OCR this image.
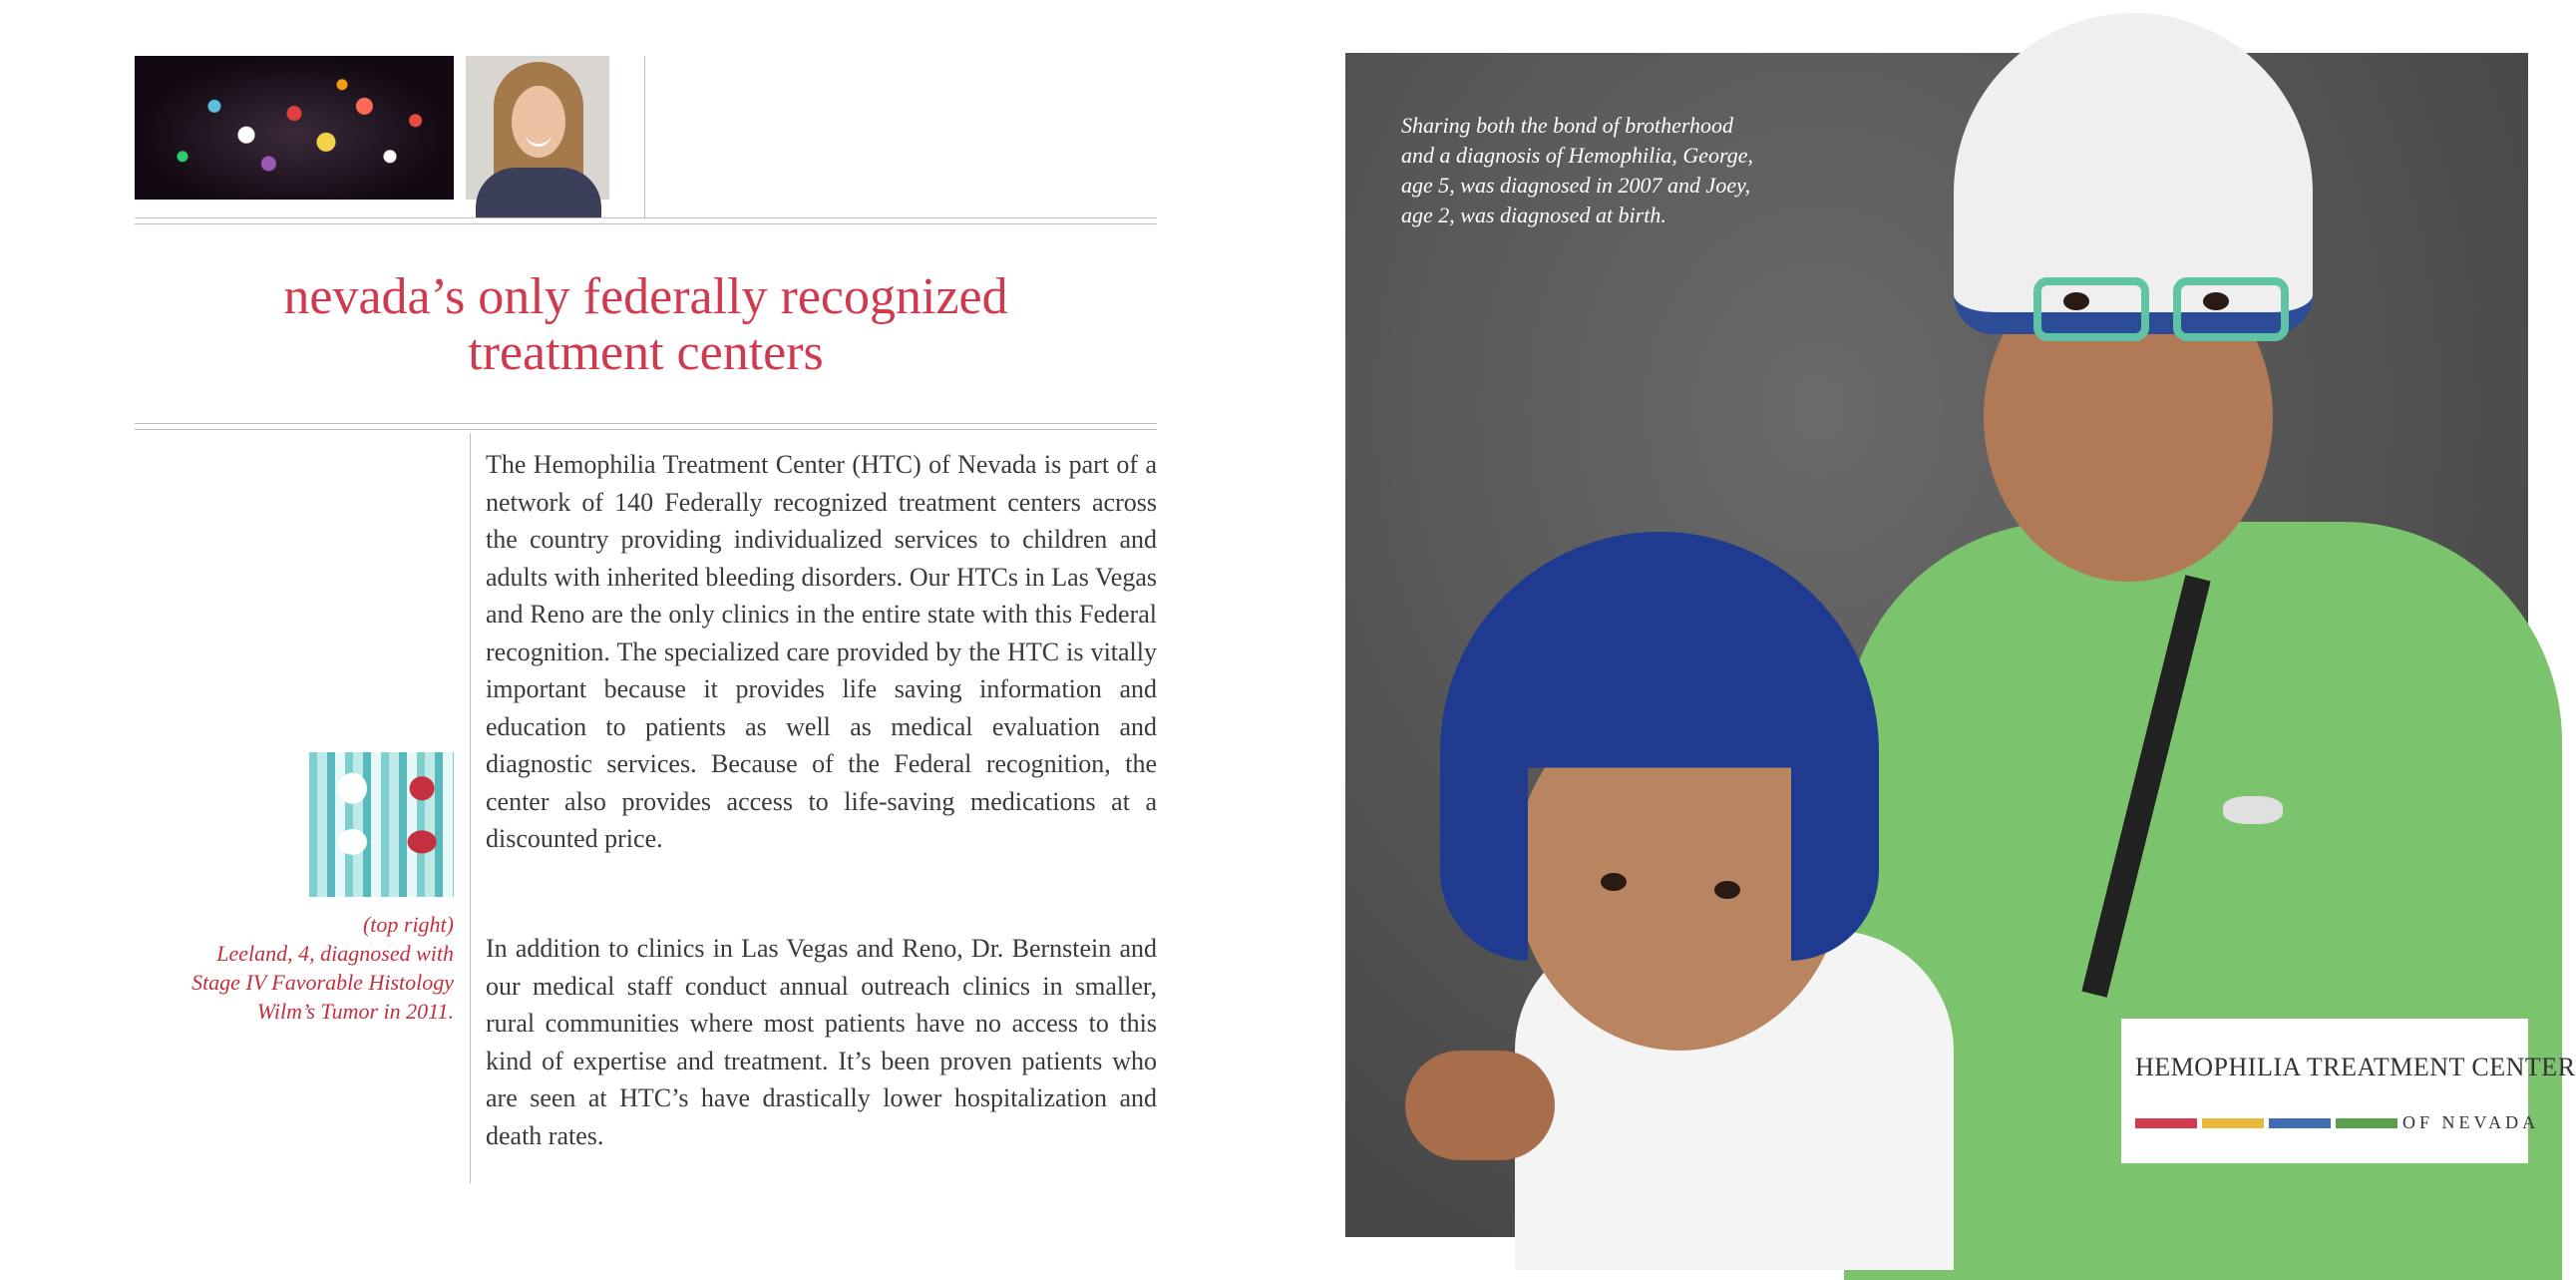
nevada’s only federally recognized
treatment centers
(top right)
Leeland, 4, diagnosed with
Stage IV Favorable Histology
Wilm’s Tumor in 2011.

The Hemophilia Treatment Center (HTC) of Nevada is part of a network of 140 Federally recognized treatment centers across the country providing individualized services to children and adults with inherited bleeding disorders. Our HTCs in Las Vegas and Reno are the only clinics in the entire state with this Federal recognition. The specialized care provided by the HTC is vitally important because it provides life saving information and education to patients as well as medical evaluation and diagnostic services. Because of the Federal recognition, the center also provides access to life-saving medications at a discounted price.

In addition to clinics in Las Vegas and Reno, Dr. Bernstein and our medical staff conduct annual outreach clinics in smaller, rural communities where most patients have no access to this kind of expertise and treatment. It’s been proven patients who are seen at HTC’s have drastically lower hospitalization and death rates.

Sharing both the bond of brotherhood
and a diagnosis of Hemophilia, George,
age 5, was diagnosed in 2007 and Joey,
age 2, was diagnosed at birth.
HEMOPHILIA TREATMENT CENTER
OF NEVADA
